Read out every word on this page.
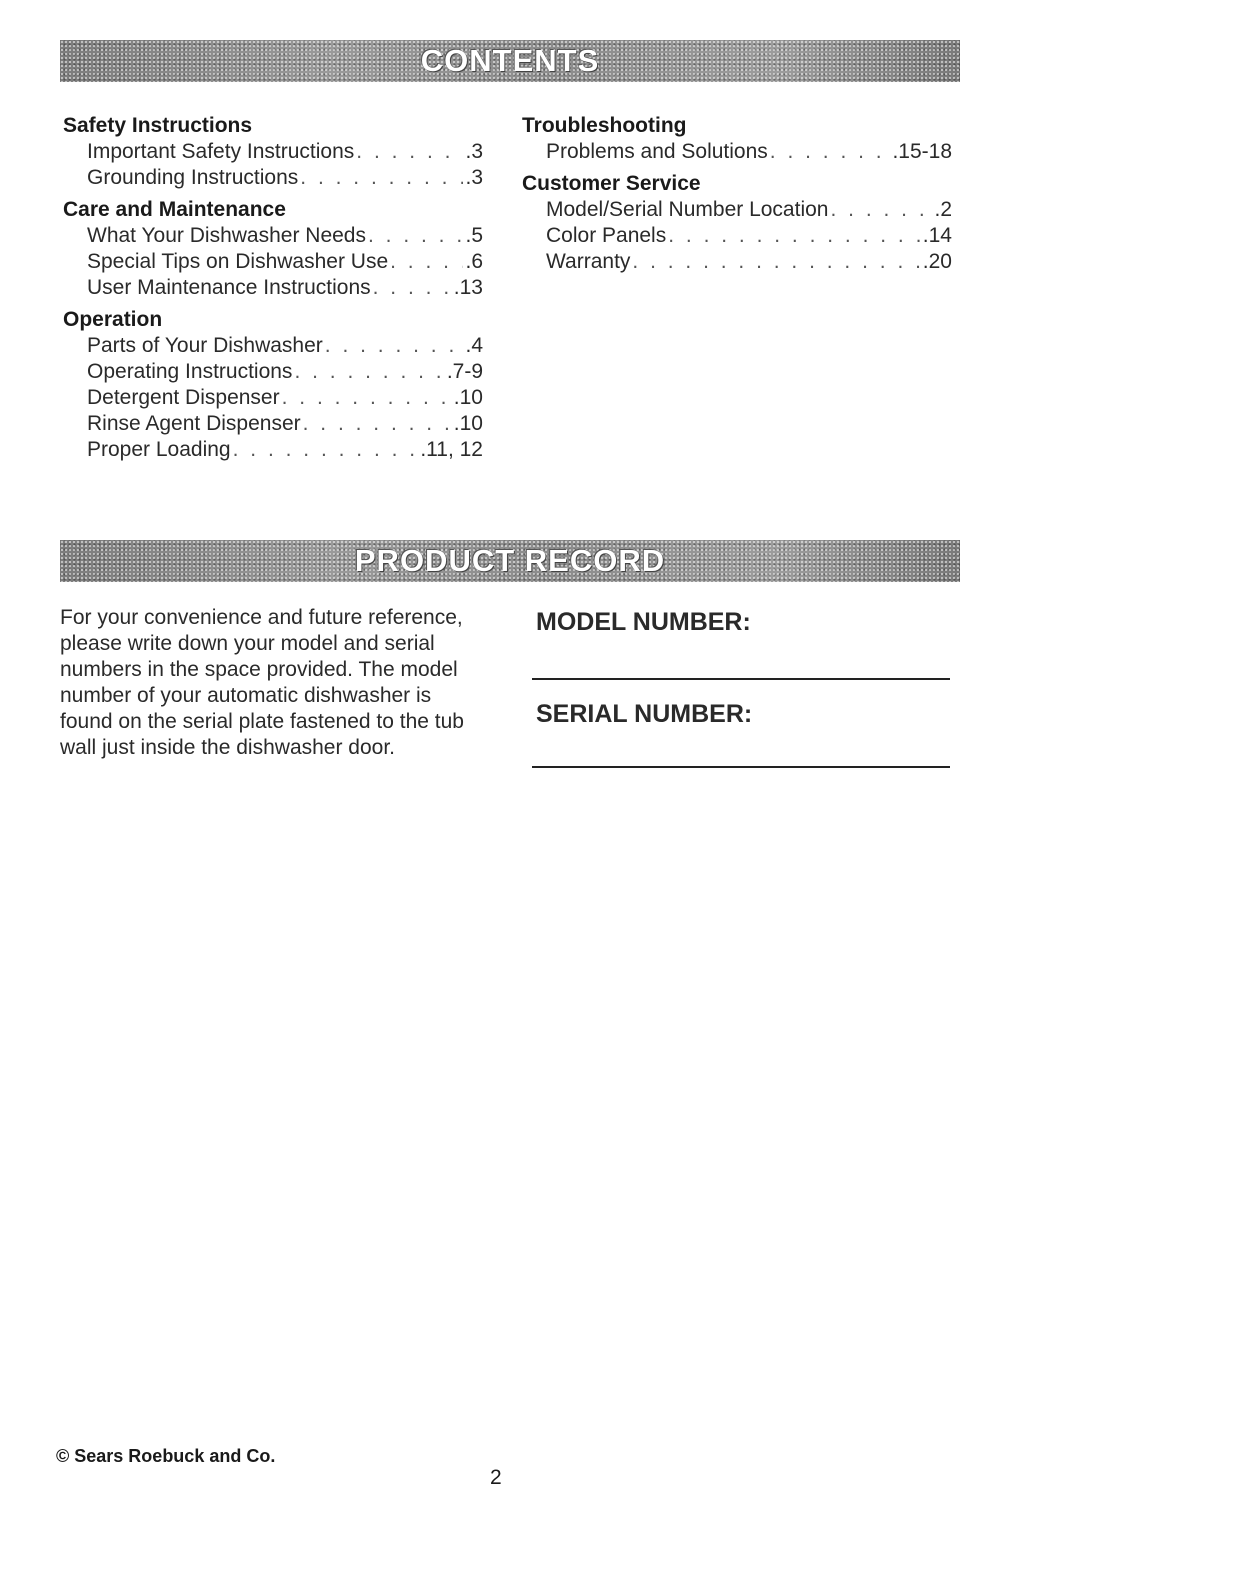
CONTENTS
Safety Instructions
Important Safety Instructions . . .	.3
Grounding Instructions . . .	.3
Care and Maintenance
What Your Dishwasher Needs . . .	.5
Special Tips on Dishwasher Use . . .	.6
User Maintenance Instructions . . .	.13
Operation
Parts of Your Dishwasher . . .	.4
Operating Instructions . . .	.7-9
Detergent Dispenser . . .	.10
Rinse Agent Dispenser . . .	.10
Proper Loading . . .	.11, 12
Troubleshooting
Problems and Solutions . . .	.15-18
Customer Service
Model/Serial Number Location . . .	.2
Color Panels . . .	.14
Warranty . . .	.20
PRODUCT RECORD
For your convenience and future reference, please write down your model and serial numbers in the space provided. The model number of your automatic dishwasher is found on the serial plate fastened to the tub wall just inside the dishwasher door.
MODEL NUMBER:
SERIAL NUMBER:
© Sears Roebuck and Co.
2
